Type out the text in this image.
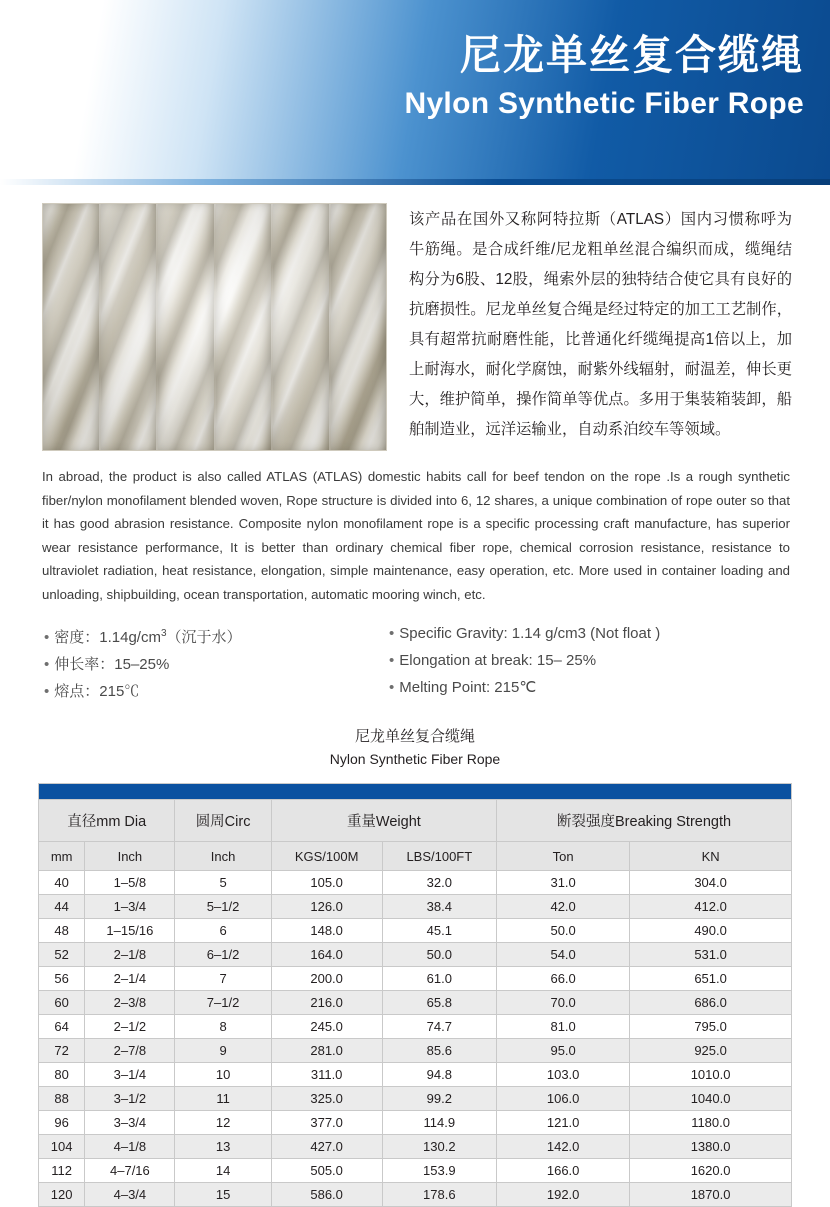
尼龙单丝复合缆绳
Nylon Synthetic Fiber Rope
该产品在国外又称阿特拉斯（ATLAS）国内习惯称呼为牛筋绳。是合成纤维/尼龙粗单丝混合编织而成，缆绳结构分为6股、12股，绳索外层的独特结合使它具有良好的抗磨损性。尼龙单丝复合绳是经过特定的加工工艺制作，具有超常抗耐磨性能，比普通化纤缆绳提高1倍以上，加上耐海水，耐化学腐蚀，耐紫外线辐射，耐温差，伸长更大，维护简单，操作简单等优点。多用于集装箱装卸，船舶制造业，远洋运输业，自动系泊绞车等领域。
In abroad, the product is also called ATLAS (ATLAS) domestic habits call for beef tendon on the rope .Is a rough synthetic fiber/nylon monofilament blended woven, Rope structure is divided into 6, 12 shares, a unique combination of rope outer so that it has good abrasion resistance. Composite nylon monofilament rope is a specific processing craft manufacture, has superior wear resistance performance, It is better than ordinary chemical fiber rope, chemical corrosion resistance, resistance to ultraviolet radiation, heat resistance, elongation, simple maintenance, easy operation, etc. More used in container loading and unloading, shipbuilding, ocean transportation, automatic mooring winch, etc.
• 密度：$1.14g/cm^3$（沉于水）
• 伸长率：15–25%
• 熔点：215℃
• Specific Gravity: 1.14 g/cm3 (Not float )
• Elongation at break: 15– 25%
• Melting Point: 215℃
尼龙单丝复合缆绳
Nylon Synthetic Fiber Rope

直径mm Dia		圆周Circ	重量Weight		断裂强度Breaking Strength	
mm	Inch	Inch	KGS/100M	LBS/100FT	Ton	KN
40	1–5/8	5	105.0	32.0	31.0	304.0
44	1–3/4	5–1/2	126.0	38.4	42.0	412.0
48	1–15/16	6	148.0	45.1	50.0	490.0
52	2–1/8	6–1/2	164.0	50.0	54.0	531.0
56	2–1/4	7	200.0	61.0	66.0	651.0
60	2–3/8	7–1/2	216.0	65.8	70.0	686.0
64	2–1/2	8	245.0	74.7	81.0	795.0
72	2–7/8	9	281.0	85.6	95.0	925.0
80	3–1/4	10	311.0	94.8	103.0	1010.0
88	3–1/2	11	325.0	99.2	106.0	1040.0
96	3–3/4	12	377.0	114.9	121.0	1180.0
104	4–1/8	13	427.0	130.2	142.0	1380.0
112	4–7/16	14	505.0	153.9	166.0	1620.0
120	4–3/4	15	586.0	178.6	192.0	1870.0
